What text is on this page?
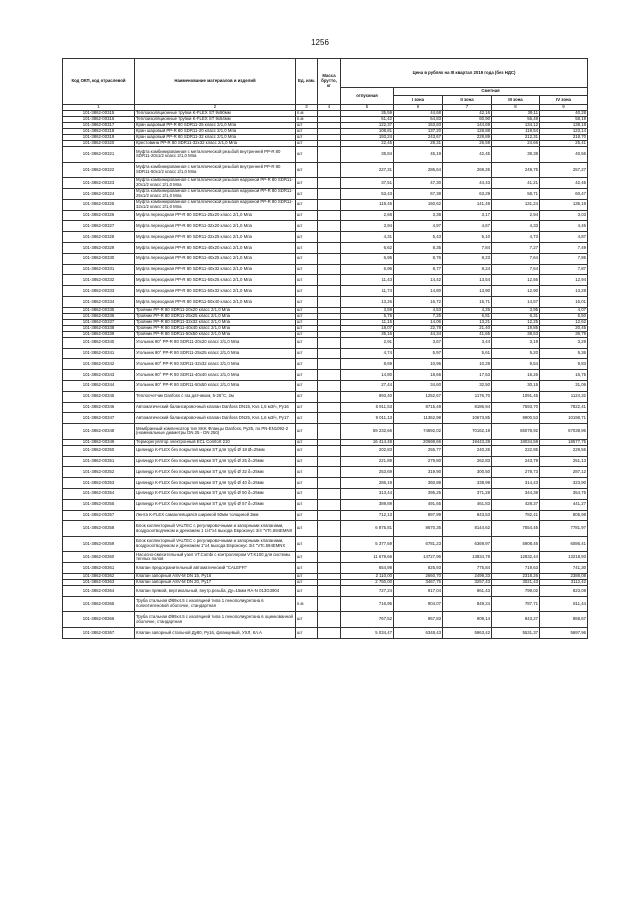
1256
Код ОКП, код отраслевой	Наименование материалов и изделий	Ед. изм.	Масса брутто, кг	Цена в рублях на III квартал 2019 года (без НДС)				
				отпускная	Сметная			
					I зона	II зона	III зона	IV зона
1	2	3	4	5	6	7	8	9
101-3862-00315	Теплоизоляционные трубки K-FLEX ST 9х90мм	п.м		35,59	44,68	42,16	39,11	40,28
101-3862-00316	Теплоизоляционные трубки K-FLEX ST 9х54мм	п.м		51,42	64,83	60,90	56,49	58,19
101-3862-00317	Кран шаровый PP-R 80 SDR11-25 класс 2/1,0 Мпа	шт		122,37	153,93	144,69	134,12	138,18
101-3862-00318	Кран шаровый PP-R 80 SDR11-20 класс 2/1,0 Мпа	шт		108,81	137,20	128,88	119,54	123,14
101-3862-00319	Кран шаровый PP-R 80 SDR11-32 класс 2/1,0 Мпа	шт		193,24	243,67	228,89	212,31	218,70
101-3862-00320	Крестовина PP-R 80 SDR11-32х32 класс 2/1,0 Мпа	шт		22,45	28,31	26,59	24,66	25,41
101-3862-00321	Муфта комбинированная с металлической резьбой внутренней PP-R 80 SDR11-20х1/2 класс 2/1,0 Мпа	шт		35,84	45,19	42,45	39,38	40,56
101-3862-00322	Муфта комбинированная с металлической резьбой внутренней PP-R 80 SDR11-50х1/2 класс 2/1,0 Мпа	шт		227,31	286,64	269,26	249,75	257,27
101-3862-00323	Муфта комбинированная с металлической резьбой наружной PP-R 80 SDR11-20х1/2 класс 2/1,0 Мпа	шт		37,51	47,30	44,43	41,21	42,45
101-3862-00324	Муфта комбинированная с металлической резьбой наружной PP-R 80 SDR11-25х1/2 класс 2/1,0 Мпа	шт		53,43	67,38	63,29	58,71	60,47
101-3862-00325	Муфта комбинированная с металлической резьбой наружной PP-R 80 SDR11-32х1/2 класс 2/1,0 Мпа	шт		119,45	150,62	141,49	131,24	135,19
101-3862-00326	Муфта переходная PP-R 80 SDR11-25х20 класс 2/1,0 Мпа	шт		2,68	3,38	3,17	2,94	3,03
101-3862-00327	Муфта переходная PP-R 80 SDR11-32х20 класс 2/1,0 Мпа	шт		3,94	4,97	4,67	4,33	4,46
101-3862-00328	Муфта переходная PP-R 80 SDR11-32х25 класс 2/1,0 Мпа	шт		4,31	5,43	5,10	4,73	4,87
101-3862-00329	Муфта переходная PP-R 80 SDR11-40х20 класс 2/1,0 Мпа	шт		6,62	8,35	7,84	7,27	7,49
101-3862-00330	Муфта переходная PP-R 80 SDR11-40х25 класс 2/1,0 Мпа	шт		6,95	8,76	8,23	7,64	7,86
101-3862-00331	Муфта переходная PP-R 80 SDR11-40х32 класс 2/1,0 Мпа	шт		6,96	8,77	8,24	7,64	7,87
101-3862-00332	Муфта переходная PP-R 80 SDR11-50х25 класс 2/1,0 Мпа	шт		11,43	14,42	13,54	12,56	12,94
101-3862-00333	Муфта переходная PP-R 80 SDR11-50х32 класс 2/1,0 Мпа	шт		11,74	14,80	13,90	12,90	13,28
101-3862-00334	Муфта переходная PP-R 80 SDR11-50х40 класс 2/1,0 Мпа	шт		13,26	16,72	15,71	14,57	15,01
101-3862-00335	Тройник PP-R 80 SDR11-20х20 класс 2/1,0 Мпа	шт		3,59	4,53	4,26	3,95	4,07
101-3862-00336	Тройник PP-R 80 SDR11-25х25 класс 2/1,0 Мпа	шт		5,75	7,25	6,81	6,31	6,50
101-3862-00337	Тройник PP-R 80 SDR11-32х32 класс 2/1,0 Мпа	шт		11,15	14,06	13,21	12,25	12,62
101-3862-00338	Тройник PP-R 80 SDR11-40х40 класс 2/1,0 Мпа	шт		18,07	22,78	21,40	19,85	20,45
101-3862-00339	Тройник PP-R 80 SDR11-50х50 класс 2/1,0 Мпа	шт		35,16	44,34	41,65	38,63	39,79
101-3862-00340	Угольник 90° PP-R 80 SDR11-20х20 класс 2/1,0 Мпа	шт		2,91	3,67	3,44	3,19	3,29
101-3862-00341	Угольник 90° PP-R 80 SDR11-25х25 класс 2/1,0 Мпа	шт		4,74	5,97	5,61	5,20	5,36
101-3862-00342	Угольник 90° PP-R 80 SDR11-32х32 класс 2/1,0 Мпа	шт		8,69	10,96	10,29	9,54	9,83
101-3862-00343	Угольник 90° PP-R 80 SDR11-40х40 класс 2/1,0 Мпа	шт		14,80	18,66	17,53	16,26	16,75
101-3862-00344	Угольник 90° PP-R 80 SDR11-50х50 класс 2/1,0 Мпа	шт		27,44	34,60	32,50	30,15	31,06
101-3862-00345	Теплосчетчик Danfoss с газ.датчиком, 5-26°С, 2м	шт		993,40	1252,67	1176,70	1091,45	1124,32
101-3862-00346	Автоматический балансировочный клапан Danfoss DN15, Kvs 1,6 м3/ч, Ру16	шт		6 911,53	8715,49	8186,94	7593,70	7822,41
101-3862-00347	Автоматический балансировочный клапан Danfoss DN25, Kvs 1,6 м3/ч, Ру17	шт		9 011,13	11362,98	10673,85	9900,53	10198,71
101-3862-00348	Мембранный компенсатор тип SKK Фланцы Danfoss, Ру25, по РN-EN1092-2 (номинальные диаметры DN 25 - DN 250)	шт		59 232,66	74692,02	70162,19	65078,92	67038,96
101-3862-00349	Терморегулятор электронный ECL Comfort 210	шт		16 414,48	20698,66	19443,28	18034,59	18577,75
101-3862-00350	Цилиндр K-FLEX без покрытия марки ST для труб Ø 18 Ø=25мм	шт		202,83	255,77	240,26	222,85	229,56
101-3862-00351	Цилиндр K-FLEX без покрытия марки ST для труб Ø 25 δ=25мм	шт		221,89	279,80	262,83	243,79	251,13
101-3862-00352	Цилиндр K-FLEX без покрытия марки ST для труб Ø 32 δ=25мм	шт		253,69	319,90	300,50	278,73	287,12
101-3862-00353	Цилиндр K-FLEX без покрытия марки ST для труб Ø 40 δ=25мм	шт		286,19	360,88	338,99	314,43	323,90
101-3862-00354	Цилиндр K-FLEX без покрытия марки ST для труб Ø 50 δ=25мм	шт		313,44	395,25	371,28	344,38	354,75
101-3862-00355	Цилиндр K-FLEX без покрытия марки ST для труб Ø 57 δ=25мм	шт		389,89	491,65	461,83	428,37	441,27
101-3862-00357	Лента K-FLEX самоклеящаяся шириной 50мм толщиной 3мм	шт		712,13	897,99	843,53	782,41	805,98
101-3862-00358	Блок коллекторный VALTEC с регулировочными и запорными клапанами, воздухоотводчиком и дренажем 1 1/4"х4 выхода Евроконус 3/4 "VTc.594EMNX	шт		6 875,81	8670,35	8144,62	7554,45	7781,97
101-3862-00359	Блок коллекторный VALTEC с регулировочными и запорными клапанами, воздухоотводчиком и дренажем 1"х4 выхода Евроконус 3/4 "VTc.594EMNX	шт		5 377,69	6781,23	6369,97	5908,46	6086,41
101-3862-00360	Насосно-смесительный узел VT.Combi с контроллером VT.K100 для системы теплых полов	шт		11 679,66	14727,96	13834,78	12832,44	13218,93
101-3862-00361	Клапан предохранительный автоматический "CALEFFI"	шт		654,98	825,93	775,84	719,63	741,30
101-3862-00362	Клапан запорный ASV-M DN 15, Ру16	шт		2 110,00	2660,70	2499,33	2318,26	2388,08
101-3862-00363	Клапан запорный ASV-M DN 20, Ру17	шт		2 750,00	3467,75	3257,43	3021,43	3112,42
101-3862-00364	Клапан прямой, вертикальный, внутр.резьба, Ду=15мм RA-N 013G3904	шт		727,24	917,04	861,43	799,02	823,08
101-3862-00365	Труба стальная Ø89х4.5 с изоляцией типа 1 пенополиуретана в полиэтиленовой оболочке, стандартная	п.м		716,95	904,07	849,24	787,71	811,44
101-3862-00366	Труба стальная Ø89х4.5 с изоляцией типа 1 пенополиуретана в оцинкованной оболочке, стандартная	шт		767,52	967,83	909,14	843,27	868,67
101-3862-00367	Клапан запорный стальной Ду80, Ру16, фланцевый, УХЛ, Кл.А	шт		5 034,47	6348,43	5963,42	5531,37	5697,96
